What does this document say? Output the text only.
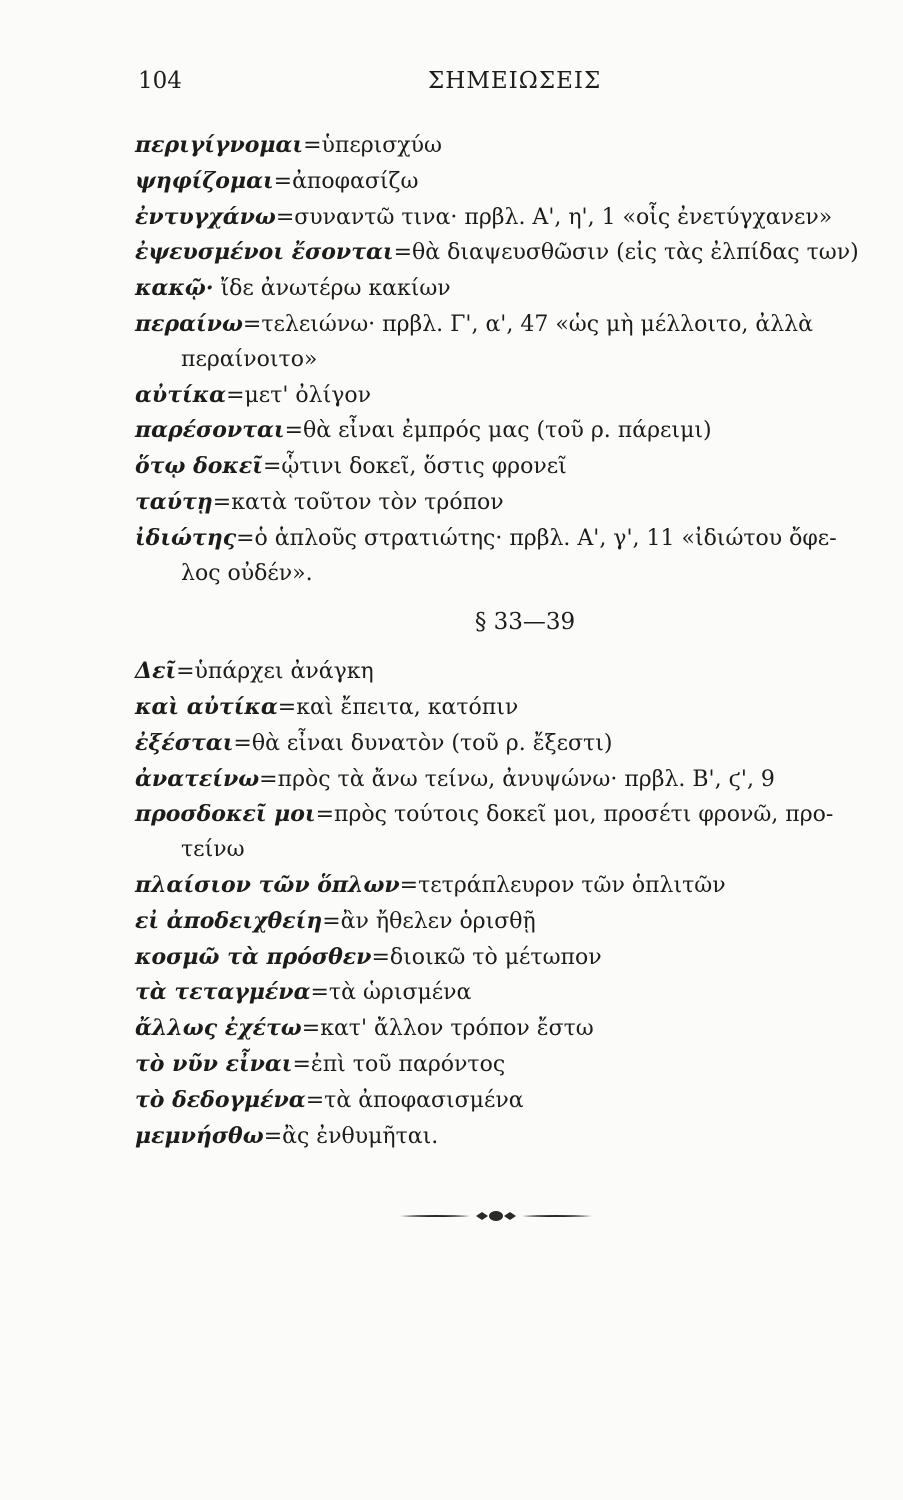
104	ΣΗΜΕΙΩΣΕΙΣ
περιγίγνομαι=ὑπερισχύω
ψηφίζομαι=ἀποφασίζω
ἐντυγχάνω=συναντῶ τινα· πρβλ. Α', η', 1 «οἷς ἐνετύγχανεν»
ἐψευσμένοι ἔσονται=θὰ διαψευσθῶσιν (εἰς τὰς ἐλπίδας των)
κακῷ· ἴδε ἀνωτέρω κακίων
περαίνω=τελειώνω· πρβλ. Γ', α', 47 «ὡς μὴ μέλλοιτο, ἀλλὰ
περαίνοιτο»
αὐτίκα=μετ' ὀλίγον
παρέσονται=θὰ εἶναι ἐμπρός μας (τοῦ ρ. πάρειμι)
ὅτῳ δοκεῖ=ᾧτινι δοκεῖ, ὅστις φρονεῖ
ταύτῃ=κατὰ τοῦτον τὸν τρόπον
ἰδιώτης=ὁ ἁπλοῦς στρατιώτης· πρβλ. Α', γ', 11 «ἰδιώτου ὄφε-
λος οὐδέν».
§ 33—39
Δεῖ=ὑπάρχει ἀνάγκη
καὶ αὐτίκα=καὶ ἔπειτα, κατόπιν
ἐξέσται=θὰ εἶναι δυνατὸν (τοῦ ρ. ἔξεστι)
ἀνατείνω=πρὸς τὰ ἄνω τείνω, ἀνυψώνω· πρβλ. Β', ϛ', 9
προσδοκεῖ μοι=πρὸς τούτοις δοκεῖ μοι, προσέτι φρονῶ, προ-
τείνω
πλαίσιον τῶν ὅπλων=τετράπλευρον τῶν ὁπλιτῶν
εἰ ἀποδειχθείη=ἂν ἤθελεν ὁρισθῇ
κοσμῶ τὰ πρόσθεν=διοικῶ τὸ μέτωπον
τὰ τεταγμένα=τὰ ὡρισμένα
ἄλλως ἐχέτω=κατ' ἄλλον τρόπον ἔστω
τὸ νῦν εἶναι=ἐπὶ τοῦ παρόντος
τὸ δεδογμένα=τὰ ἀποφασισμένα
μεμνήσθω=ἂς ἐνθυμῆται.
